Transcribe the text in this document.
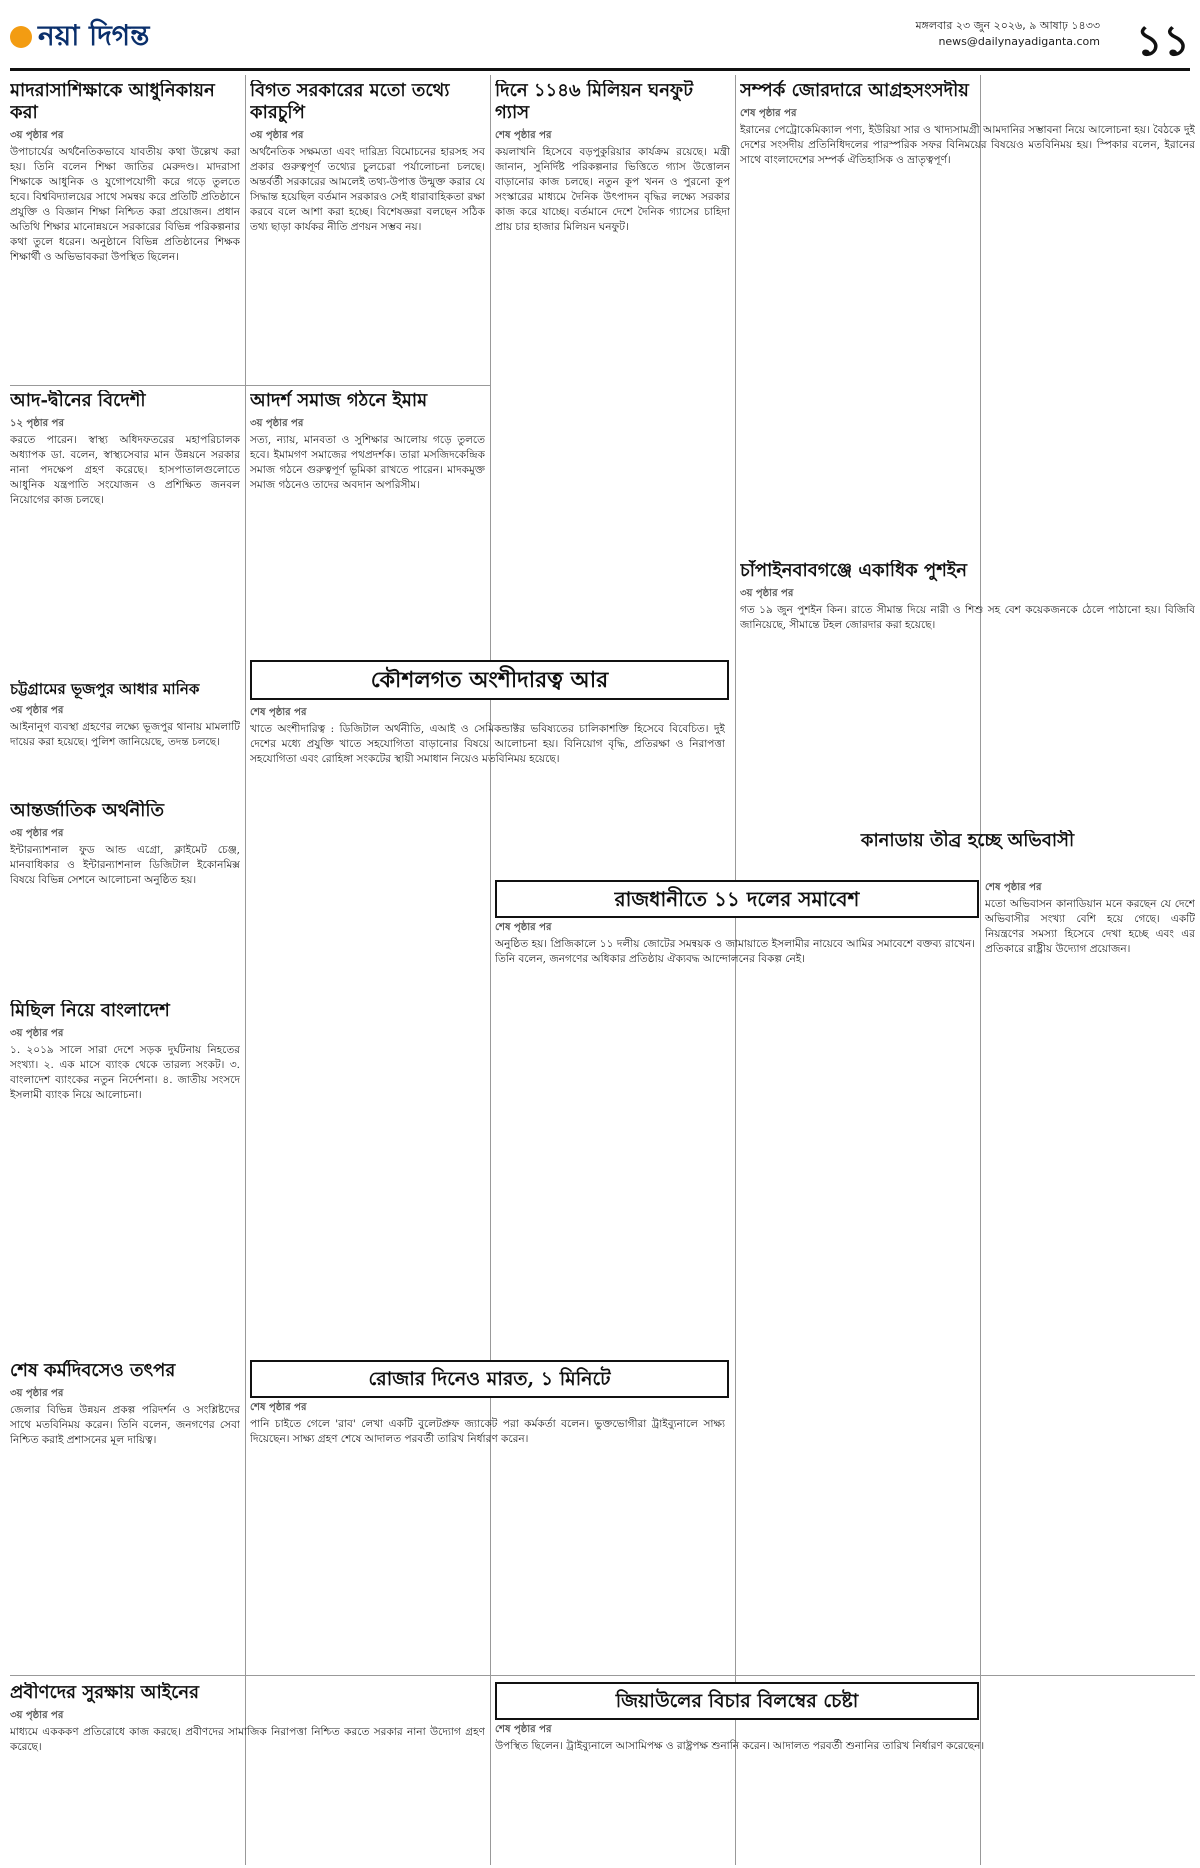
নয়া দিগন্ত	মঙ্গলবার ২৩ জুন ২০২৬, ৯ আষাঢ় ১৪৩৩
news@dailynayadiganta.com ১১
মাদরাসাশিক্ষাকে আধুনিকায়ন করা
৩য় পৃষ্ঠার পর

উপাচার্যের অর্থনৈতিকভাবে যাবতীয় কথা উল্লেখ করা হয়। তিনি বলেন শিক্ষা জাতির মেরুদণ্ড। মাদরাসা শিক্ষাকে আধুনিক ও যুগোপযোগী করে গড়ে তুলতে হবে। বিশ্ববিদ্যালয়ের সাথে সমন্বয় করে প্রতিটি প্রতিষ্ঠানে প্রযুক্তি ও বিজ্ঞান শিক্ষা নিশ্চিত করা প্রয়োজন। প্রধান অতিথি শিক্ষার মানোন্নয়নে সরকারের বিভিন্ন পরিকল্পনার কথা তুলে ধরেন। অনুষ্ঠানে বিভিন্ন প্রতিষ্ঠানের শিক্ষক শিক্ষার্থী ও অভিভাবকরা উপস্থিত ছিলেন।

বিগত সরকারের মতো তথ্যে কারচুপি
৩য় পৃষ্ঠার পর

অর্থনৈতিক সক্ষমতা এবং দারিদ্র্য বিমোচনের হারসহ সব প্রকার গুরুত্বপূর্ণ তথ্যের চুলচেরা পর্যালোচনা চলছে। অন্তর্বর্তী সরকারের আমলেই তথ্য-উপাত্ত উন্মুক্ত করার যে সিদ্ধান্ত হয়েছিল বর্তমান সরকারও সেই ধারাবাহিকতা রক্ষা করবে বলে আশা করা হচ্ছে। বিশেষজ্ঞরা বলছেন সঠিক তথ্য ছাড়া কার্যকর নীতি প্রণয়ন সম্ভব নয়।

দিনে ১১৪৬ মিলিয়ন ঘনফুট গ্যাস
শেষ পৃষ্ঠার পর

কয়লাখনি হিসেবে বড়পুকুরিয়ার কার্যক্রম রয়েছে। মন্ত্রী জানান, সুনির্দিষ্ট পরিকল্পনার ভিত্তিতে গ্যাস উত্তোলন বাড়ানোর কাজ চলছে। নতুন কূপ খনন ও পুরনো কূপ সংস্কারের মাধ্যমে দৈনিক উৎপাদন বৃদ্ধির লক্ষ্যে সরকার কাজ করে যাচ্ছে। বর্তমানে দেশে দৈনিক গ্যাসের চাহিদা প্রায় চার হাজার মিলিয়ন ঘনফুট।

সম্পর্ক জোরদারে আগ্রহসংসদীয়
শেষ পৃষ্ঠার পর

ইরানের পেট্রোকেমিক্যাল পণ্য, ইউরিয়া সার ও খাদ্যসামগ্রী আমদানির সম্ভাবনা নিয়ে আলোচনা হয়। বৈঠকে দুই দেশের সংসদীয় প্রতিনিধিদলের পারস্পরিক সফর বিনিময়ের বিষয়েও মতবিনিময় হয়। স্পিকার বলেন, ইরানের সাথে বাংলাদেশের সম্পর্ক ঐতিহাসিক ও ভ্রাতৃত্বপূর্ণ।

আদ-দ্বীনের বিদেশী
১২ পৃষ্ঠার পর

করতে পারেন। স্বাস্থ্য অধিদফতরের মহাপরিচালক অধ্যাপক ডা. বলেন, স্বাস্থ্যসেবার মান উন্নয়নে সরকার নানা পদক্ষেপ গ্রহণ করেছে। হাসপাতালগুলোতে আধুনিক যন্ত্রপাতি সংযোজন ও প্রশিক্ষিত জনবল নিয়োগের কাজ চলছে।

আদর্শ সমাজ গঠনে ইমাম
৩য় পৃষ্ঠার পর

সত্য, ন্যায়, মানবতা ও সুশিক্ষার আলোয় গড়ে তুলতে হবে। ইমামগণ সমাজের পথপ্রদর্শক। তারা মসজিদকেন্দ্রিক সমাজ গঠনে গুরুত্বপূর্ণ ভূমিকা রাখতে পারেন। মাদকমুক্ত সমাজ গঠনেও তাদের অবদান অপরিসীম।

কৌশলগত অংশীদারত্ব আর
শেষ পৃষ্ঠার পর

খাতে অংশীদারিত্ব : ডিজিটাল অর্থনীতি, এআই ও সেমিকন্ডাক্টর ভবিষ্যতের চালিকাশক্তি হিসেবে বিবেচিত। দুই দেশের মধ্যে প্রযুক্তি খাতে সহযোগিতা বাড়ানোর বিষয়ে আলোচনা হয়। বিনিয়োগ বৃদ্ধি, প্রতিরক্ষা ও নিরাপত্তা সহযোগিতা এবং রোহিঙ্গা সংকটের স্থায়ী সমাধান নিয়েও মতবিনিময় হয়েছে।

চট্টগ্রামের ভূজপুর আধার মানিক
৩য় পৃষ্ঠার পর

আইনানুগ ব্যবস্থা গ্রহণের লক্ষ্যে ভূজপুর থানায় মামলাটি দায়ের করা হয়েছে। পুলিশ জানিয়েছে, তদন্ত চলছে।

আন্তর্জাতিক অর্থনীতি
৩য় পৃষ্ঠার পর

ইন্টারন্যাশনাল ফুড আন্ড এগ্রো, ক্লাইমেট চেঞ্জ, মানবাধিকার ও ইন্টারন্যাশনাল ডিজিটাল ইকোনমিক্স বিষয়ে বিভিন্ন সেশনে আলোচনা অনুষ্ঠিত হয়।

মিছিল নিয়ে বাংলাদেশ
৩য় পৃষ্ঠার পর

১. ২০১৯ সালে সারা দেশে সড়ক দুর্ঘটনায় নিহতের সংখ্যা। ২. এক মাসে ব্যাংক থেকে তারল্য সংকট। ৩. বাংলাদেশ ব্যাংকের নতুন নির্দেশনা। ৪. জাতীয় সংসদে ইসলামী ব্যাংক নিয়ে আলোচনা।

চাঁপাইনবাবগঞ্জে একাধিক পুশইন
৩য় পৃষ্ঠার পর

গত ১৯ জুন পুশইন কিন। রাতে সীমান্ত দিয়ে নারী ও শিশু সহ বেশ কয়েকজনকে ঠেলে পাঠানো হয়। বিজিবি জানিয়েছে, সীমান্তে টহল জোরদার করা হয়েছে।

রাজধানীতে ১১ দলের সমাবেশ
শেষ পৃষ্ঠার পর

অনুষ্ঠিত হয়। প্রিজিকালে ১১ দলীয় জোটের সমন্বয়ক ও জামায়াতে ইসলামীর নায়েবে আমির সমাবেশে বক্তব্য রাখেন। তিনি বলেন, জনগণের অধিকার প্রতিষ্ঠায় ঐক্যবদ্ধ আন্দোলনের বিকল্প নেই।

কানাডায় তীব্র হচ্ছে অভিবাসী
শেষ পৃষ্ঠার পর

মতো অভিবাসন কানাডিয়ান মনে করছেন যে দেশে অভিবাসীর সংখ্যা বেশি হয়ে গেছে। একটি নিয়ন্ত্রণের সমস্যা হিসেবে দেখা হচ্ছে এবং এর প্রতিকারে রাষ্ট্রীয় উদ্যোগ প্রয়োজন।

রোজার দিনেও মারত, ১ মিনিটে
শেষ পৃষ্ঠার পর

পানি চাইতে গেলে 'রাব' লেখা একটি বুলেটপ্রুফ জ্যাকেট পরা কর্মকর্তা বলেন। ভুক্তভোগীরা ট্রাইব্যুনালে সাক্ষ্য দিয়েছেন। সাক্ষ্য গ্রহণ শেষে আদালত পরবর্তী তারিখ নির্ধারণ করেন।

শেষ কর্মদিবসেও তৎপর
৩য় পৃষ্ঠার পর

জেলার বিভিন্ন উন্নয়ন প্রকল্প পরিদর্শন ও সংশ্লিষ্টদের সাথে মতবিনিময় করেন। তিনি বলেন, জনগণের সেবা নিশ্চিত করাই প্রশাসনের মূল দায়িত্ব।

প্রবীণদের সুরক্ষায় আইনের
৩য় পৃষ্ঠার পর

মাধ্যমে একককণ প্রতিরোধে কাজ করছে। প্রবীণদের সামাজিক নিরাপত্তা নিশ্চিত করতে সরকার নানা উদ্যোগ গ্রহণ করেছে।

জিয়াউলের বিচার বিলম্বের চেষ্টা
শেষ পৃষ্ঠার পর

উপস্থিত ছিলেন। ট্রাইব্যুনালে আসামিপক্ষ ও রাষ্ট্রপক্ষ শুনানি করেন। আদালত পরবর্তী শুনানির তারিখ নির্ধারণ করেছেন।
